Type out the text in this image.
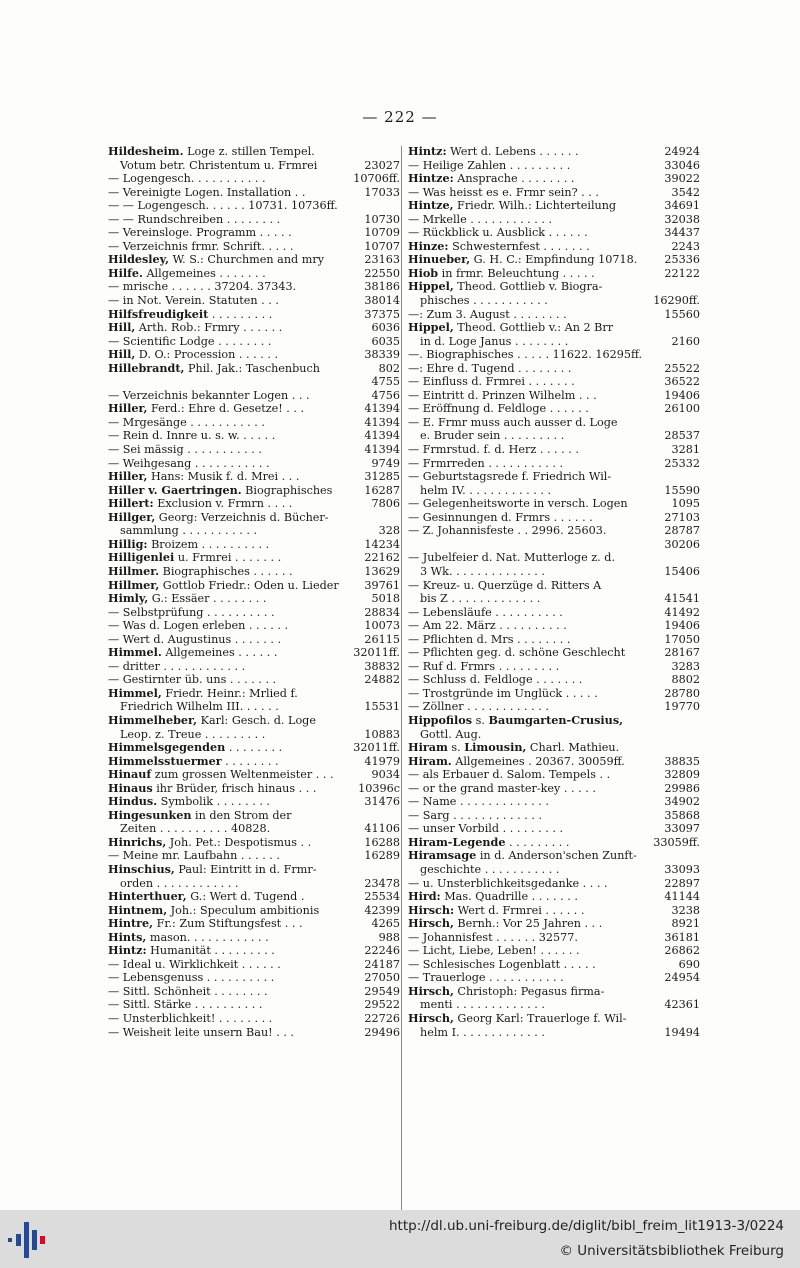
— 222 —
Hildesheim. Loge z. stillen Tempel.
Votum betr. Christentum u. Frmrei	23027
— Logengesch. . . . . . . . . . .	10706ff.
— Vereinigte Logen. Installation . .	17033
— — Logengesch. . . . . . 10731. 10736ff.
— — Rundschreiben . . . . . . . .	10730
— Vereinsloge. Programm . . . . .	10709
— Verzeichnis frmr. Schrift. . . . .	10707
Hildesley, W. S.: Churchmen and mry	23163
Hilfe. Allgemeines . . . . . . .	22550
— mrische . . . . . . 37204. 37343.	38186
— in Not. Verein. Statuten . . .	38014
Hilfsfreudigkeit . . . . . . . . .	37375
Hill, Arth. Rob.: Frmry . . . . . .	6036
— Scientific Lodge . . . . . . . .	6035
Hill, D. O.: Procession . . . . . .	38339
Hillebrandt, Phil. Jak.: Taschenbuch	802
4755
— Verzeichnis bekannter Logen . . .	4756
Hiller, Ferd.: Ehre d. Gesetze! . . .	41394
— Mrgesänge . . . . . . . . . . .	41394
— Rein d. Innre u. s. w. . . . . .	41394
— Sei mässig . . . . . . . . . . .	41394
— Weihgesang . . . . . . . . . . .	9749
Hiller, Hans: Musik f. d. Mrei . . .	31285
Hiller v. Gaertringen. Biographisches	16287
Hillert: Exclusion v. Frmrn . . . .	7806
Hillger, Georg: Verzeichnis d. Bücher-
sammlung . . . . . . . . . . .	328
Hillig: Broizem . . . . . . . . . .	14234
Hilligenlei u. Frmrei . . . . . . .	22162
Hillmer. Biographisches . . . . . .	13629
Hillmer, Gottlob Friedr.: Oden u. Lieder 39761
Himly, G.: Essäer . . . . . . . .	5018
— Selbstprüfung . . . . . . . . . .	28834
— Was d. Logen erleben . . . . . .	10073
— Wert d. Augustinus . . . . . . .	26115
Himmel. Allgemeines . . . . . .	32011ff.
— dritter . . . . . . . . . . . .	38832
— Gestirnter üb. uns . . . . . . .	24882
Himmel, Friedr. Heinr.: Mrlied f.
Friedrich Wilhelm III. . . . . .	15531
Himmelheber, Karl: Gesch. d. Loge
Leop. z. Treue . . . . . . . . .	10883
Himmelsgegenden . . . . . . . .	32011ff.
Himmelsstuermer . . . . . . . .	41979
Hinauf zum grossen Weltenmeister . . .	9034
Hinaus ihr Brüder, frisch hinaus . . .	10396c
Hindus. Symbolik . . . . . . . .	31476
Hingesunken in den Strom der
Zeiten . . . . . . . . . . 40828.	41106
Hinrichs, Joh. Pet.: Despotismus . .	16288
— Meine mr. Laufbahn . . . . . .	16289
Hinschius, Paul: Eintritt in d. Frmr-
orden . . . . . . . . . . . .	23478
Hinterthuer, G.: Wert d. Tugend .	25534
Hintnem, Joh.: Speculum ambitionis	42399
Hintre, Fr.: Zum Stiftungsfest . . .	4265
Hints, mason. . . . . . . . . . . .	988
Hintz: Humanität . . . . . . . . .	22246
— Ideal u. Wirklichkeit . . . . . .	24187
— Lebensgenuss . . . . . . . . . .	27050
— Sittl. Schönheit . . . . . . . .	29549
— Sittl. Stärke . . . . . . . . . .	29522
— Unsterblichkeit! . . . . . . . .	22726
— Weisheit leite unsern Bau! . . .	29496
Hintz: Wert d. Lebens . . . . . .	24924
— Heilige Zahlen . . . . . . . . .	33046
Hintze: Ansprache . . . . . . . .	39022
— Was heisst es e. Frmr sein? . . .	3542
Hintze, Friedr. Wilh.: Lichterteilung	34691
— Mrkelle . . . . . . . . . . . .	32038
— Rückblick u. Ausblick . . . . . .	34437
Hinze: Schwesternfest . . . . . . .	2243
Hinueber, G. H. C.: Empfindung 10718. 25336
Hiob in frmr. Beleuchtung . . . . .	22122
Hippel, Theod. Gottlieb v. Biogra-
phisches . . . . . . . . . . .	16290ff.
—: Zum 3. August . . . . . . . .	15560
Hippel, Theod. Gottlieb v.: An 2 Brr
in d. Loge Janus . . . . . . . .	2160
—. Biographisches . . . . . 11622. 16295ff.
—: Ehre d. Tugend . . . . . . . .	25522
— Einfluss d. Frmrei . . . . . . .	36522
— Eintritt d. Prinzen Wilhelm . . .	19406
— Eröffnung d. Feldloge . . . . . .	26100
— E. Frmr muss auch ausser d. Loge
e. Bruder sein . . . . . . . . .	28537
— Frmrstud. f. d. Herz . . . . . .	3281
— Frmrreden . . . . . . . . . . .	25332
— Geburtstagsrede f. Friedrich Wil-
helm IV. . . . . . . . . . . . .	15590
— Gelegenheitsworte in versch. Logen	1095
— Gesinnungen d. Frmrs . . . . . .	27103
— Z. Johannisfeste . . 2996. 25603.	28787
30206
— Jubelfeier d. Nat. Mutterloge z. d.
3 Wk. . . . . . . . . . . . . .	15406
— Kreuz- u. Querzüge d. Ritters A
bis Z . . . . . . . . . . . . .	41541
— Lebensläufe . . . . . . . . . .	41492
— Am 22. März . . . . . . . . . .	19406
— Pflichten d. Mrs . . . . . . . .	17050
— Pflichten geg. d. schöne Geschlecht	28167
— Ruf d. Frmrs . . . . . . . . .	3283
— Schluss d. Feldloge . . . . . . .	8802
— Trostgründe im Unglück . . . . .	28780
— Zöllner . . . . . . . . . . . .	19770
Hippofilos s. Baumgarten-Crusius,
Gottl. Aug.
Hiram s. Limousin, Charl. Mathieu.
Hiram. Allgemeines . 20367. 30059ff.	38835
— als Erbauer d. Salom. Tempels . .	32809
— or the grand master-key . . . . .	29986
— Name . . . . . . . . . . . . .	34902
— Sarg . . . . . . . . . . . . .	35868
— unser Vorbild . . . . . . . . .	33097
Hiram-Legende . . . . . . . . .	33059ff.
Hiramsage in d. Anderson'schen Zunft-
geschichte . . . . . . . . . . .	33093
— u. Unsterblichkeitsgedanke . . . .	22897
Hird: Mas. Quadrille . . . . . . .	41144
Hirsch: Wert d. Frmrei . . . . . .	3238
Hirsch, Bernh.: Vor 25 Jahren . . .	8921
— Johannisfest . . . . . . 32577.	36181
— Licht, Liebe, Leben! . . . . . .	26862
— Schlesisches Logenblatt . . . . .	690
— Trauerloge . . . . . . . . . . .	24954
Hirsch, Christoph: Pegasus firma-
menti . . . . . . . . . . . . .	42361
Hirsch, Georg Karl: Trauerloge f. Wil-
helm I. . . . . . . . . . . . .	19494
http://dl.ub.uni-freiburg.de/diglit/bibl_freim_lit1913-3/0224
© Universitätsbibliothek Freiburg
